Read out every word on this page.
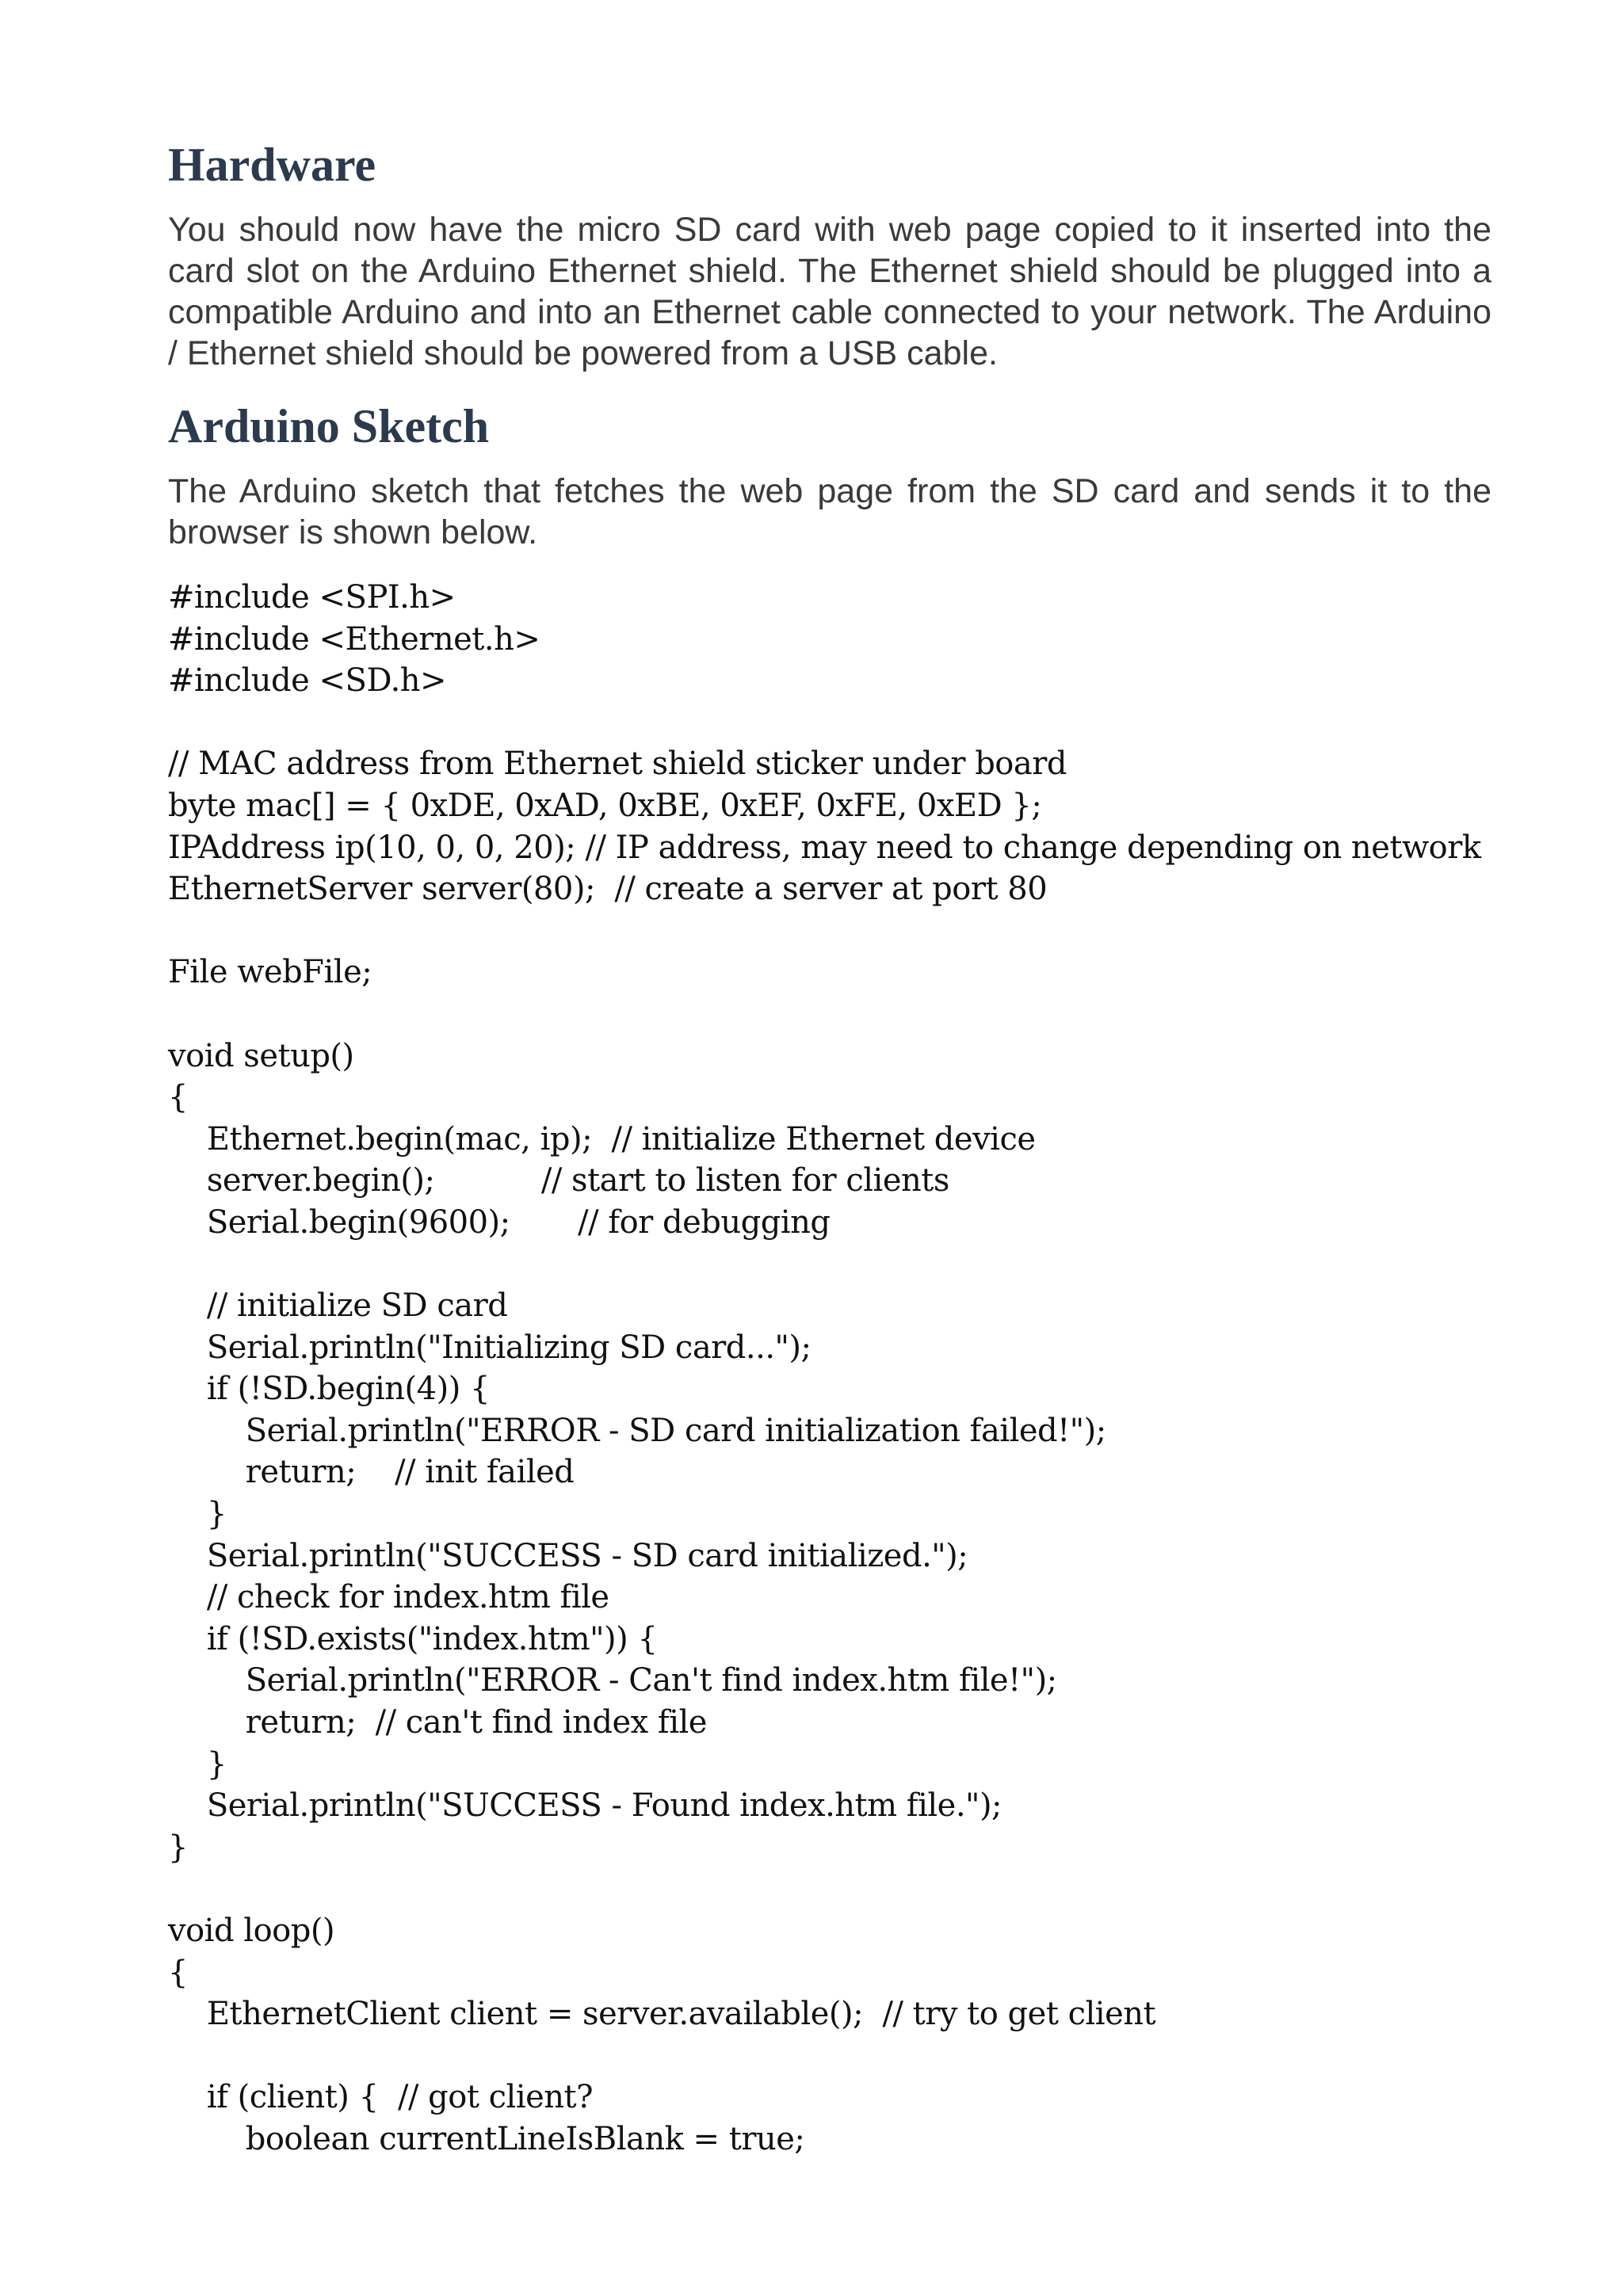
Hardware

You should now have the micro SD card with web page copied to it inserted into the card slot on the Arduino Ethernet shield. The Ethernet shield should be plugged into a compatible Arduino and into an Ethernet cable connected to your network. The Arduino / Ethernet shield should be powered from a USB cable.

Arduino Sketch

The Arduino sketch that fetches the web page from the SD card and sends it to the browser is shown below.

#include <SPI.h>
#include <Ethernet.h>
#include <SD.h>
// MAC address from Ethernet shield sticker under board
byte mac[] = { 0xDE, 0xAD, 0xBE, 0xEF, 0xFE, 0xED };
IPAddress ip(10, 0, 0, 20); // IP address, may need to change depending on network
EthernetServer server(80);  // create a server at port 80
File webFile;
void setup()
{
Ethernet.begin(mac, ip);  // initialize Ethernet device
server.begin();           // start to listen for clients
Serial.begin(9600);       // for debugging
// initialize SD card
Serial.println("Initializing SD card...");
if (!SD.begin(4)) {
Serial.println("ERROR - SD card initialization failed!");
return;    // init failed
}
Serial.println("SUCCESS - SD card initialized.");
// check for index.htm file
if (!SD.exists("index.htm")) {
Serial.println("ERROR - Can't find index.htm file!");
return;  // can't find index file
}
Serial.println("SUCCESS - Found index.htm file.");
}
void loop()
{
EthernetClient client = server.available();  // try to get client
if (client) {  // got client?
boolean currentLineIsBlank = true;
